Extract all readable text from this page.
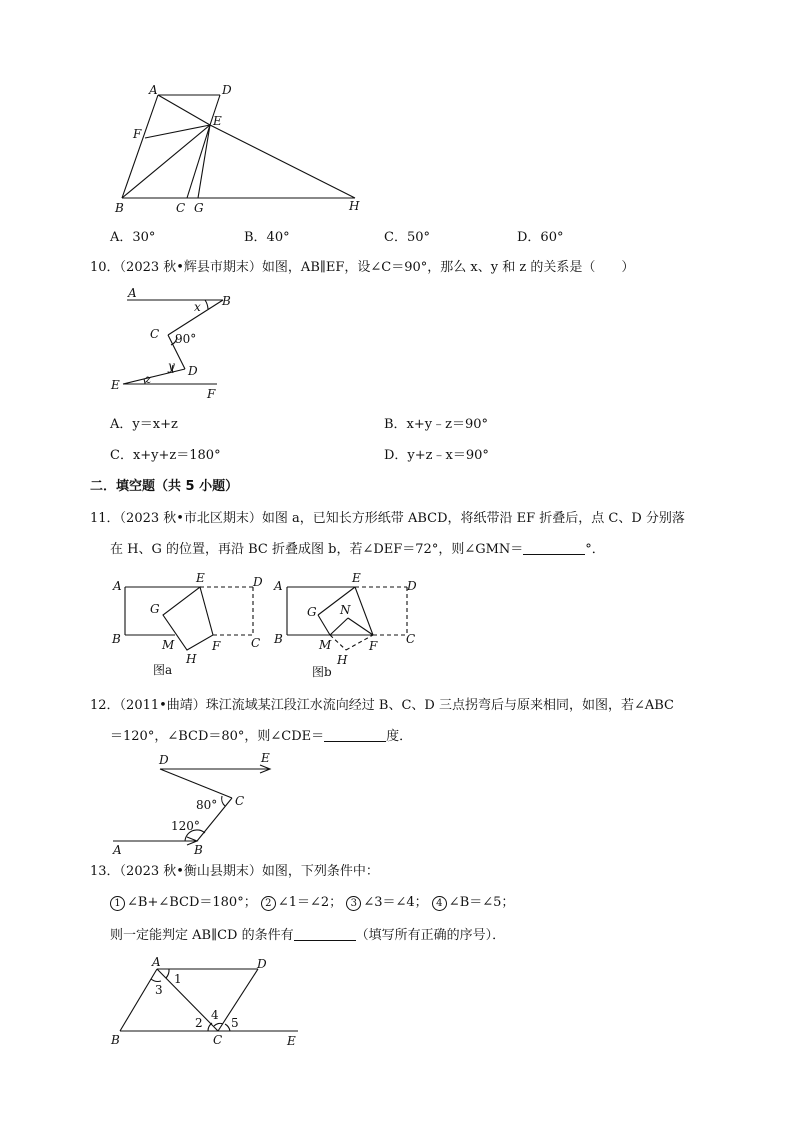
A	D
E
F
B	C G	H
A．30°	B．40°	C．50°	D．60°
10．（2023 秋•辉县市期末）如图，AB∥EF，设∠C＝90°，那么 x、y 和 z 的关系是（　　）
A
B
x
C 90°
y D
E z
F
A．y＝x+z	B．x+y﹣z＝90°
C．x+y+z＝180°	D．y+z﹣x＝90°
二．填空题（共 5 小题）
11．（2023 秋•市北区期末）如图 a，已知长方形纸带 ABCD，将纸带沿 EF 折叠后，点 C、D 分别落
在 H、G 的位置，再沿 BC 折叠成图 b，若∠DEF＝72°，则∠GMN＝	°．
A
E	D
G
B	M	F	C
H
图a
A
E
D
G N
B	M	F C
H
图b
12．（2011•曲靖）珠江流域某江段江水流向经过 B、C、D 三点拐弯后与原来相同，如图，若∠ABC
＝120°，∠BCD＝80°，则∠CDE＝	度．
D	E
C
80°
120°
A	B
13．（2023 秋•衡山县期末）如图，下列条件中：
1 ∠B+∠BCD＝180°； 2 ∠1＝∠2； 3 ∠3＝∠4； 4 ∠B＝∠5；
则一定能判定 AB∥CD 的条件有	（填写所有正确的序号）．
A	D
1
3
2
4
5
B	C	E
